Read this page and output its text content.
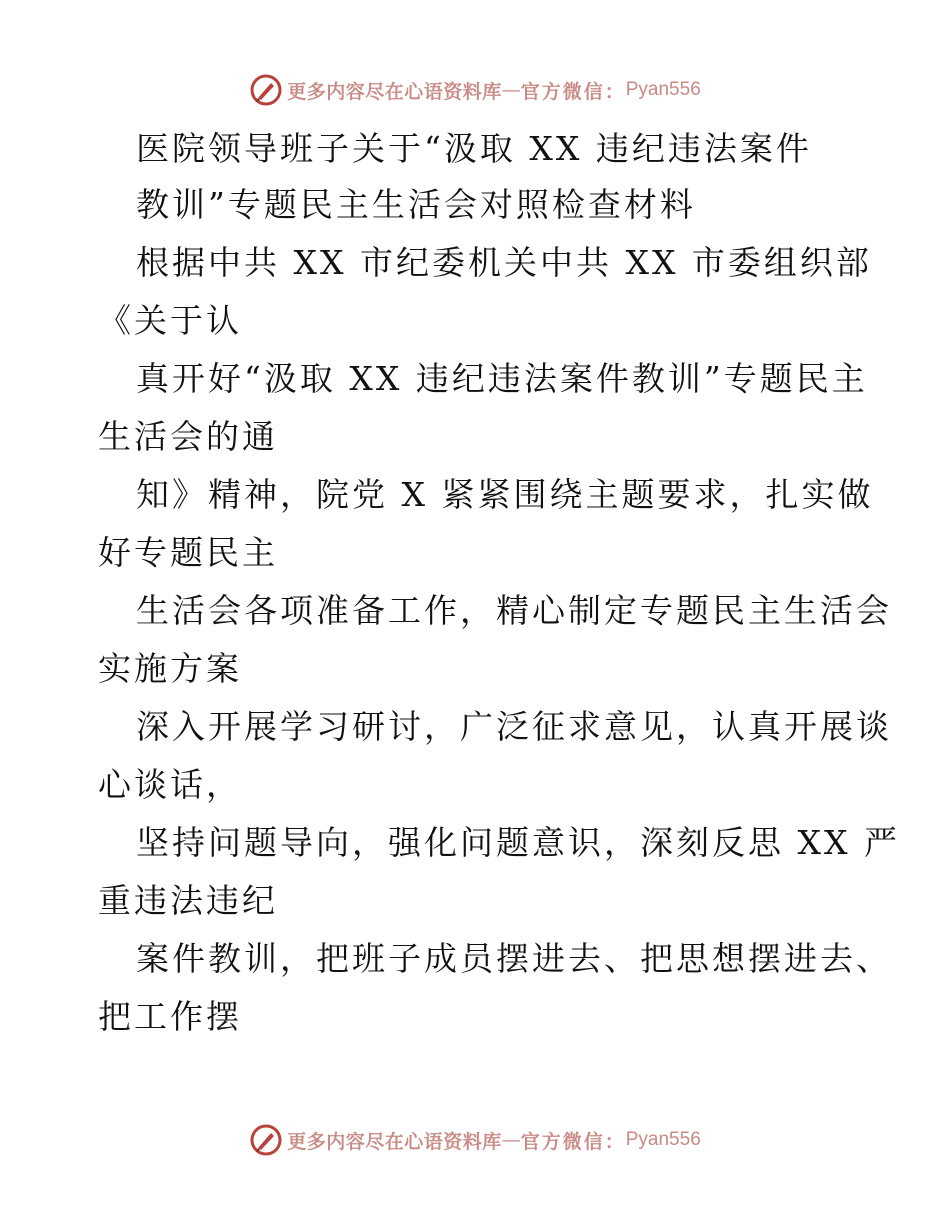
更多内容尽在心语资料库 — 官方微信： Pyan556
医院领导班子关于“汲取 XX 违纪违法案件
教训”专题民主生活会对照检查材料
根据中共 XX 市纪委机关中共 XX 市委组织部
《关于认
真开好“汲取 XX 违纪违法案件教训”专题民主
生活会的通
知》精神，院党 X 紧紧围绕主题要求，扎实做
好专题民主
生活会各项准备工作，精心制定专题民主生活会
实施方案
深入开展学习研讨，广泛征求意见，认真开展谈
心谈话，
坚持问题导向，强化问题意识，深刻反思 XX 严
重违法违纪
案件教训，把班子成员摆进去、把思想摆进去、
把工作摆
更多内容尽在心语资料库 — 官方微信： Pyan556
